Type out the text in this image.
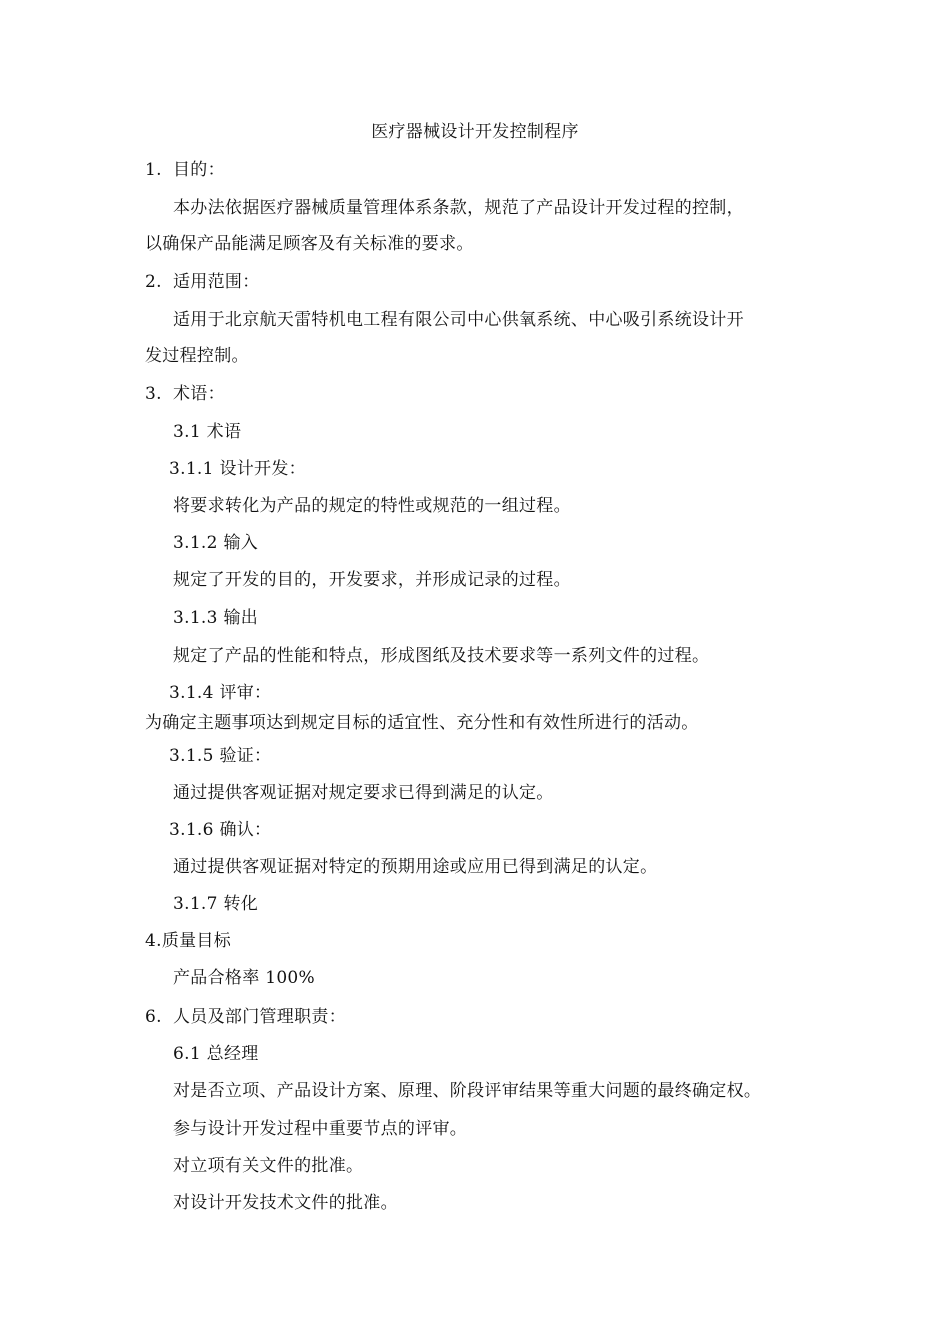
医疗器械设计开发控制程序
1. 目的：
本办法依据医疗器械质量管理体系条款，规范了产品设计开发过程的控制，
以确保产品能满足顾客及有关标准的要求。
2. 适用范围：
适用于北京航天雷特机电工程有限公司中心供氧系统、中心吸引系统设计开
发过程控制。
3. 术语：
3.1 术语
3.1.1 设计开发：
将要求转化为产品的规定的特性或规范的一组过程。
3.1.2 输入
规定了开发的目的，开发要求，并形成记录的过程。
3.1.3 输出
规定了产品的性能和特点，形成图纸及技术要求等一系列文件的过程。
3.1.4 评审：
为确定主题事项达到规定目标的适宜性、充分性和有效性所进行的活动。
3.1.5 验证：
通过提供客观证据对规定要求已得到满足的认定。
3.1.6 确认：
通过提供客观证据对特定的预期用途或应用已得到满足的认定。
3.1.7 转化
4.质量目标
产品合格率 100%
6. 人员及部门管理职责：
6.1 总经理
对是否立项、产品设计方案、原理、阶段评审结果等重大问题的最终确定权。
参与设计开发过程中重要节点的评审。
对立项有关文件的批准。
对设计开发技术文件的批准。
